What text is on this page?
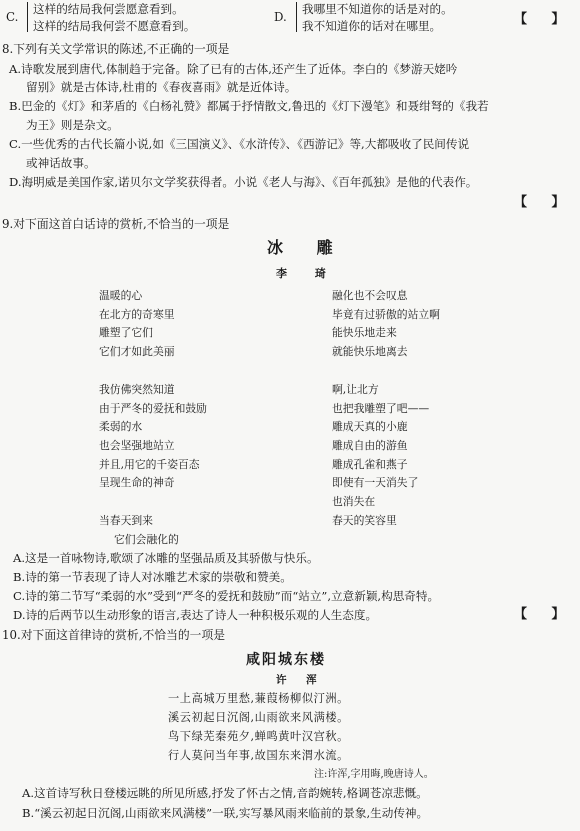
C.
这样的结局我何尝愿意看到。
这样的结局我何尝不愿意看到。
D.
我哪里不知道你的话是对的。
我不知道你的话对在哪里。	【 】
8.下列有关文学常识的陈述,不正确的一项是
A.诗歌发展到唐代,体制趋于完备。除了已有的古体,还产生了近体。李白的《梦游天姥吟
留别》就是古体诗,杜甫的《春夜喜雨》就是近体诗。
B.巴金的《灯》和茅盾的《白杨礼赞》都属于抒情散文,鲁迅的《灯下漫笔》和聂绀弩的《我若
为王》则是杂文。
C.一些优秀的古代长篇小说,如《三国演义》、《水浒传》、《西游记》等,大都吸收了民间传说
或神话故事。
D.海明威是美国作家,诺贝尔文学奖获得者。小说《老人与海》、《百年孤独》是他的代表作。
【 】
9.对下面这首白话诗的赏析,不恰当的一项是
冰 雕
李 琦
温暖的心
在北方的奇寒里
雕塑了它们
它们才如此美丽
融化也不会叹息
毕竟有过骄傲的站立啊
能快乐地走来
就能快乐地离去
我仿佛突然知道
由于严冬的爱抚和鼓励
柔弱的水
也会坚强地站立
并且,用它的千姿百态
呈现生命的神奇
啊,让北方
也把我雕塑了吧——
雕成天真的小鹿
雕成自由的游鱼
雕成孔雀和燕子
即使有一天消失了
也消失在
春天的笑容里
当春天到来
它们会融化的
A.这是一首咏物诗,歌颂了冰雕的坚强品质及其骄傲与快乐。
B.诗的第一节表现了诗人对冰雕艺术家的崇敬和赞美。
C.诗的第二节写“柔弱的水”受到“严冬的爱抚和鼓励”而“站立”,立意新颖,构思奇特。
D.诗的后两节以生动形象的语言,表达了诗人一种积极乐观的人生态度。	【 】
10.对下面这首律诗的赏析,不恰当的一项是
咸阳城东楼
许 浑
一上高城万里愁,蒹葭杨柳似汀洲。
溪云初起日沉阁,山雨欲来风满楼。
鸟下绿芜秦苑夕,蝉鸣黄叶汉宫秋。
行人莫问当年事,故国东来渭水流。
注:许浑,字用晦,晚唐诗人。
A.这首诗写秋日登楼远眺的所见所感,抒发了怀古之情,音韵婉转,格调苍凉悲慨。
B.“溪云初起日沉阁,山雨欲来风满楼”一联,实写暴风雨来临前的景象,生动传神。
